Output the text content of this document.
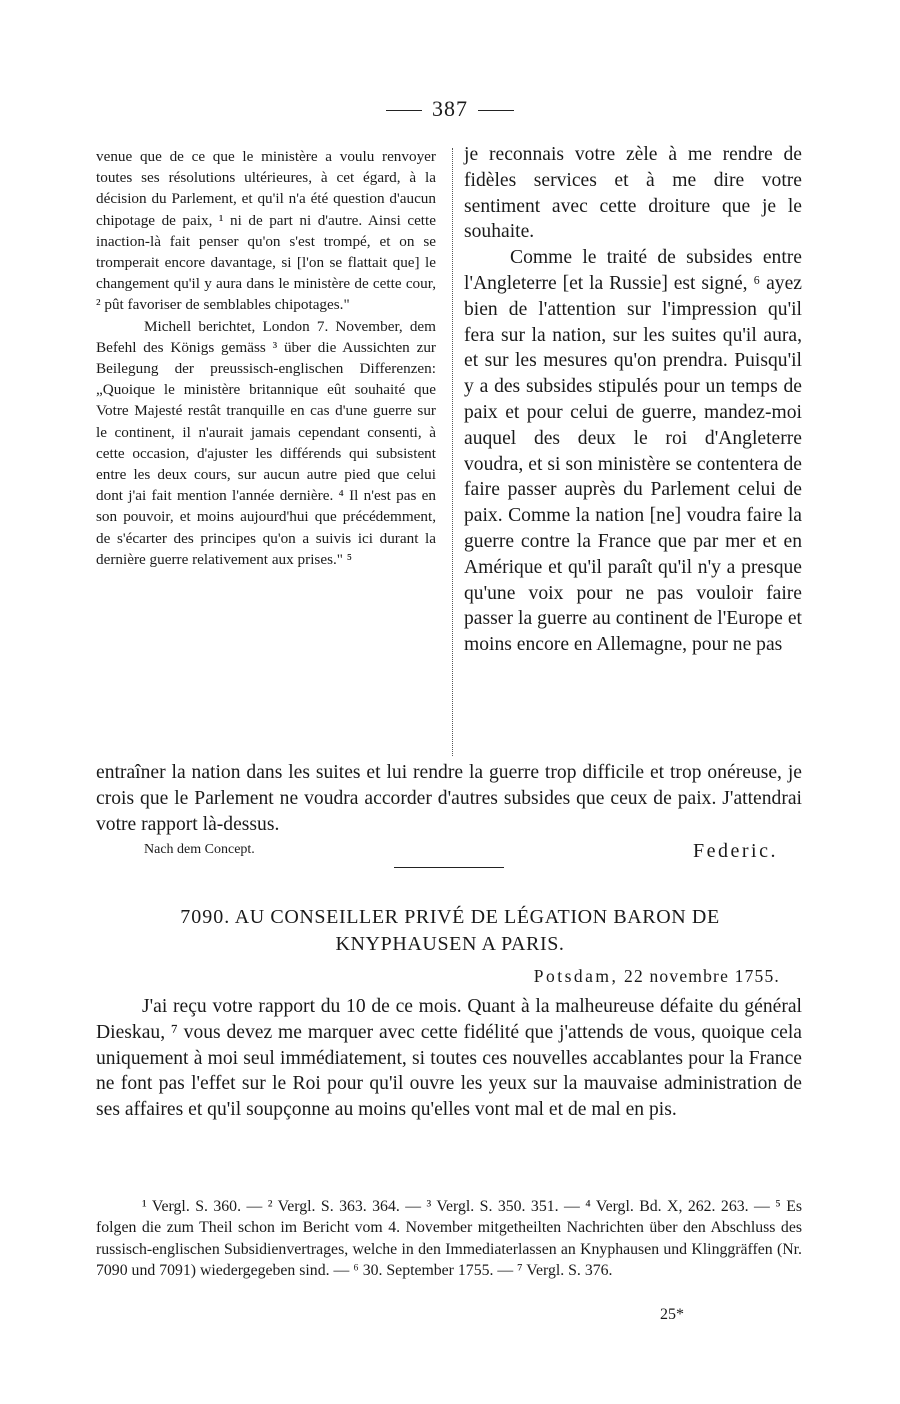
387

venue que de ce que le ministère a voulu renvoyer toutes ses résolutions ultérieures, à cet égard, à la décision du Parlement, et qu'il n'a été question d'aucun chipotage de paix, ¹ ni de part ni d'autre. Ainsi cette inaction-là fait penser qu'on s'est trompé, et on se tromperait encore davantage, si [l'on se flattait que] le changement qu'il y aura dans le ministère de cette cour, ² pût favoriser de semblables chipotages."

Michell berichtet, London 7. November, dem Befehl des Königs gemäss ³ über die Aussichten zur Beilegung der preussisch-englischen Differenzen: „Quoique le ministère britannique eût souhaité que Votre Majesté restât tranquille en cas d'une guerre sur le continent, il n'aurait jamais cependant consenti, à cette occasion, d'ajuster les différends qui subsistent entre les deux cours, sur aucun autre pied que celui dont j'ai fait mention l'année dernière. ⁴ Il n'est pas en son pouvoir, et moins aujourd'hui que précédemment, de s'écarter des principes qu'on a suivis ici durant la dernière guerre relativement aux prises." ⁵

je reconnais votre zèle à me rendre de fidèles services et à me dire votre sentiment avec cette droiture que je le souhaite.

Comme le traité de subsides entre l'Angleterre [et la Russie] est signé, ⁶ ayez bien de l'attention sur l'impression qu'il fera sur la nation, sur les suites qu'il aura, et sur les mesures qu'on prendra. Puisqu'il y a des subsides stipulés pour un temps de paix et pour celui de guerre, mandez-moi auquel des deux le roi d'Angleterre voudra, et si son ministère se contentera de faire passer auprès du Parlement celui de paix. Comme la nation [ne] voudra faire la guerre contre la France que par mer et en Amérique et qu'il paraît qu'il n'y a presque qu'une voix pour ne pas vouloir faire passer la guerre au continent de l'Europe et moins encore en Allemagne, pour ne pas

entraîner la nation dans les suites et lui rendre la guerre trop difficile et trop onéreuse, je crois que le Parlement ne voudra accorder d'autres subsides que ceux de paix. J'attendrai votre rapport là-dessus.

Nach dem Concept.	Federic.
7090. AU CONSEILLER PRIVÉ DE LÉGATION BARON DE KNYPHAUSEN A PARIS.
Potsdam, 22 novembre 1755.

J'ai reçu votre rapport du 10 de ce mois. Quant à la malheureuse défaite du général Dieskau, ⁷ vous devez me marquer avec cette fidélité que j'attends de vous, quoique cela uniquement à moi seul immédiatement, si toutes ces nouvelles accablantes pour la France ne font pas l'effet sur le Roi pour qu'il ouvre les yeux sur la mauvaise administration de ses affaires et qu'il soupçonne au moins qu'elles vont mal et de mal en pis.

¹ Vergl. S. 360. — ² Vergl. S. 363. 364. — ³ Vergl. S. 350. 351. — ⁴ Vergl. Bd. X, 262. 263. — ⁵ Es folgen die zum Theil schon im Bericht vom 4. November mitgetheilten Nachrichten über den Abschluss des russisch-englischen Subsidienvertrages, welche in den Immediaterlassen an Knyphausen und Klinggräffen (Nr. 7090 und 7091) wiedergegeben sind. — ⁶ 30. September 1755. — ⁷ Vergl. S. 376.

25*
